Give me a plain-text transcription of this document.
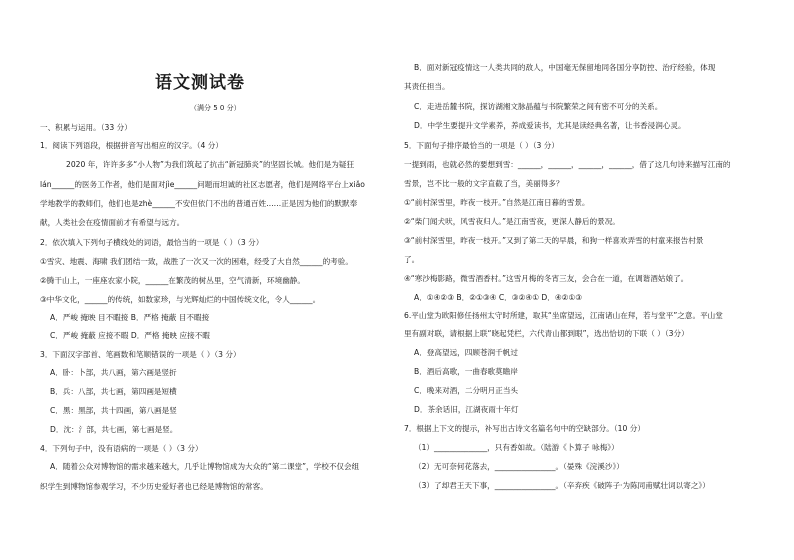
语文测试卷
（满分 5 0 分）
一、积累与运用。（33 分）
1．阅读下列语段，根据拼音写出相应的汉字。（4 分）
2020 年，许许多多“小人物”为我们筑起了抗击“新冠肺炎”的坚固长城。他们是为疑狂
lán______的医务工作者，他们是面对jìe______问题而坦诚的社区志愿者，他们是网络平台上xiǎo
学地教学的教师们，他们也是zhè______不安但依门不出的普通百姓……正是因为他们的默默奉
献，人类社会在疫情面前才有希望与远方。
2．依次填入下列句子横线处的词语，最恰当的一项是（ ）（3 分）
①雪灾、地震、海啸 我们团结一致，战胜了一次又一次的困难，经受了大自然______的考验。
②腾干山上，一座座农家小院，______在繁茂的树丛里，空气清新，环境幽静。
③中华文化，______的传统，如数家珍，与光辉灿烂的中国传统文化，令人______。
A．严峻 掩映 目不暇接 B．严格 掩蔽 目不暇接
C．严峻 掩蔽 应接不暇 D．严格 掩映 应接不暇
3．下面汉字部首、笔画数和笔顺错误的一项是（ ）（3 分）
A．卧：卜部，共八画，第六画是竖折
B．兵：八部，共七画，第四画是短横
C．黑：黑部，共十四画，第八画是竖
D．沈：氵部，共七画，第七画是竖。
4．下列句子中，没有语病的一项是（ ）（3 分）
A．随着公众对博物馆的需求越来越大，几乎让博物馆成为大众的“第二课堂”，学校不仅会组
织学生到博物馆参观学习，不少历史爱好者也已经是博物馆的常客。
B．面对新冠疫情这一人类共同的敌人，中国毫无保留地同各国分享防控、治疗经验，体现
其责任担当。
C．走进岳麓书院，探访湖湘文脉晶蕴与书院繁荣之间有密不可分的关系。
D．中学生要提升文学素养，养成爱读书，尤其是读经典名著，让书香浸润心灵。
5．下面句子排序最恰当的一项是（ ）（3 分）
一提到雨，也就必然的要想到雪：______，______，______，______，借了这几句诗来描写江南的
雪景，岂不比一般的文字直截了当，美丽得多？
①“前村深雪里，昨夜一枝开。”自然是江南日暮的雪景。
②“柴门闻犬吠，风雪夜归人。”是江南雪夜，更深人静后的景况。
③“前村深雪里，昨夜一枝开。”又到了第二天的早晨，和狗一样喜欢弄雪的村童来报告村景
了。
④“寒沙梅影路，微雪酒香村。”这雪月梅的冬宵三友，会合在一道，在调谐酒姑娘了。
A．①④②③ B．②①③④ C．③②④① D．④②①③
6.平山堂为欧阳修任扬州太守时所建，取其“坐席望远，江南诸山在拜，若与堂平”之意。平山堂
里有副对联，请根据上联“晓起凭栏，六代青山都到眼”，选出恰切的下联（ ）（3分）
A．登高望远，四顾苍润千帆过
B．酒后高歌，一曲春歌莫瞻岸
C．晚来对酒，二分明月正当头
D．茶余话旧，江湖夜雨十年灯
7．根据上下文的提示，补写出古诗文名篇名句中的空缺部分。（10 分）
（1）______________，只有香如故。（陆游《卜算子 咏梅》）
（2）无可奈何花落去，________________。（晏殊《浣溪沙》）
（3）了却君王天下事，________________。（辛弃疾《破阵子·为陈同甫赋壮词以寄之》）
